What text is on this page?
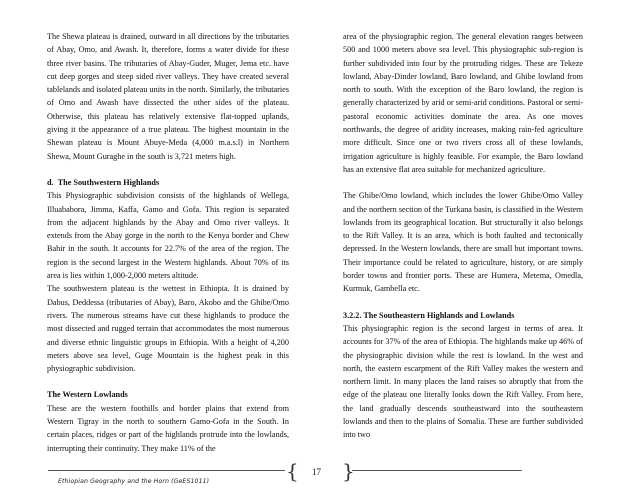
The Shewa plateau is drained, outward in all directions by the tributaries of Abay, Omo, and Awash. It, therefore, forms a water divide for these three river basins. The tributaries of Abay-Guder, Muger, Jema etc. have cut deep gorges and steep sided river valleys. They have created several tablelands and isolated plateau units in the north. Similarly, the tributaries of Omo and Awash have dissected the other sides of the plateau. Otherwise, this plateau has relatively extensive flat-topped uplands, giving it the appearance of a true plateau. The highest mountain in the Shewan plateau is Mount Abuye-Meda (4,000 m.a.s.l) in Northern Shewa, Mount Guraghe in the south is 3,721 meters high.

d. The Southwestern Highlands

This Physiographic subdivision consists of the highlands of Wellega, Illuababora, Jimma, Kaffa, Gamo and Gofa. This region is separated from the adjacent highlands by the Abay and Omo river valleys. It extends from the Abay gorge in the north to the Kenya border and Chew Bahir in the south. It accounts for 22.7% of the area of the region. The region is the second largest in the Western highlands. About 70% of its area is lies within 1,000-2,000 meters altitude.

The southwestern plateau is the wettest in Ethiopia. It is drained by Dabus, Deddessa (tributaries of Abay), Baro, Akobo and the Ghibe/Omo rivers. The numerous streams have cut these highlands to produce the most dissected and rugged terrain that accommodates the most numerous and diverse ethnic linguistic groups in Ethiopia. With a height of 4,200 meters above sea level, Guge Mountain is the highest peak in this physiographic subdivision.

The Western Lowlands

These are the western foothills and border plains that extend from Western Tigray in the north to southern Gamo-Gofa in the South. In certain places, ridges or part of the highlands protrude into the lowlands, interrupting their continuity. They make 11% of the

area of the physiographic region. The general elevation ranges between 500 and 1000 meters above sea level. This physiographic sub-region is further subdivided into four by the protruding ridges. These are Tekeze lowland, Abay-Dinder lowland, Baro lowland, and Ghibe lowland from north to south. With the exception of the Baro lowland, the region is generally characterized by arid or semi-arid conditions. Pastoral or semi-pastoral economic activities dominate the area. As one moves northwards, the degree of aridity increases, making rain-fed agriculture more difficult. Since one or two rivers cross all of these lowlands, irrigation agriculture is highly feasible. For example, the Baro lowland has an extensive flat area suitable for mechanized agriculture.

The Ghibe/Omo lowland, which includes the lower Ghibe/Omo Valley and the northern section of the Turkana basin, is classified in the Western lowlands from its geographical location. But structurally it also belongs to the Rift Valley. It is an area, which is both faulted and tectonically depressed. In the Western lowlands, there are small but important towns. Their importance could be related to agriculture, history, or are simply border towns and frontier ports. These are Humera, Metema, Omedla, Kurmuk, Gambella etc.

3.2.2. The Southeastern Highlands and Lowlands

This physiographic region is the second largest in terms of area. It accounts for 37% of the area of Ethiopia. The highlands make up 46% of the physiographic division while the rest is lowland. In the west and north, the eastern escarpment of the Rift Valley makes the western and northern limit. In many places the land raises so abruptly that from the edge of the plateau one literally looks down the Rift Valley. From here, the land gradually descends southeastward into the southeastern lowlands and then to the plains of Somalia. These are further subdivided into two

{ 17 }
Ethiopian Geography and the Horn (GeES1011)
